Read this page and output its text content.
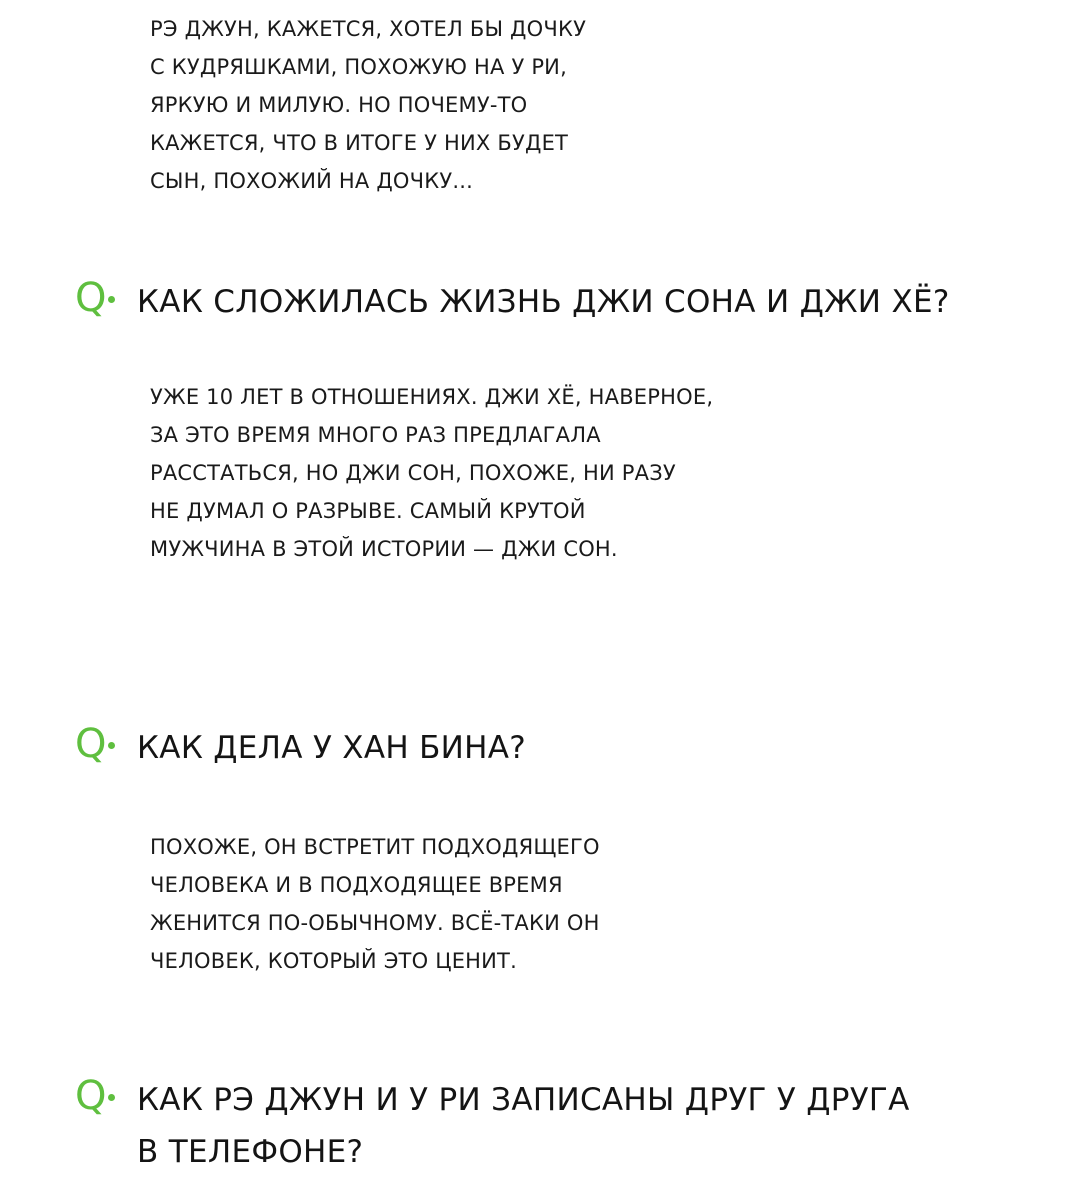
РЭ ДЖУН, КАЖЕТСЯ, ХОТЕЛ БЫ ДОЧКУ
С КУДРЯШКАМИ, ПОХОЖУЮ НА У РИ,
ЯРКУЮ И МИЛУЮ. НО ПОЧЕМУ-ТО
КАЖЕТСЯ, ЧТО В ИТОГЕ У НИХ БУДЕТ
СЫН, ПОХОЖИЙ НА ДОЧКУ...
Q КАК СЛОЖИЛАСЬ ЖИЗНЬ ДЖИ СОНА И ДЖИ ХЁ?
УЖЕ 10 ЛЕТ В ОТНОШЕНИЯХ. ДЖИ ХЁ, НАВЕРНОЕ,
ЗА ЭТО ВРЕМЯ МНОГО РАЗ ПРЕДЛАГАЛА
РАССТАТЬСЯ, НО ДЖИ СОН, ПОХОЖЕ, НИ РАЗУ
НЕ ДУМАЛ О РАЗРЫВЕ. САМЫЙ КРУТОЙ
МУЖЧИНА В ЭТОЙ ИСТОРИИ — ДЖИ СОН.
Q КАК ДЕЛА У ХАН БИНА?
ПОХОЖЕ, ОН ВСТРЕТИТ ПОДХОДЯЩЕГО
ЧЕЛОВЕКА И В ПОДХОДЯЩЕЕ ВРЕМЯ
ЖЕНИТСЯ ПО-ОБЫЧНОМУ. ВСЁ-ТАКИ ОН
ЧЕЛОВЕК, КОТОРЫЙ ЭТО ЦЕНИТ.
Q КАК РЭ ДЖУН И У РИ ЗАПИСАНЫ ДРУГ У ДРУГА
В ТЕЛЕФОНЕ?
